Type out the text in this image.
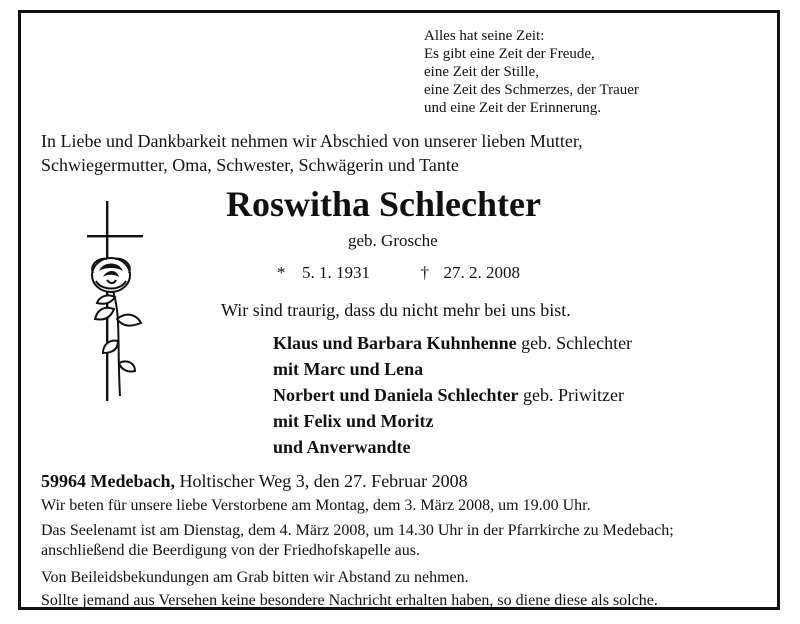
Alles hat seine Zeit:
Es gibt eine Zeit der Freude,
eine Zeit der Stille,
eine Zeit des Schmerzes, der Trauer
und eine Zeit der Erinnerung.
In Liebe und Dankbarkeit nehmen wir Abschied von unserer lieben Mutter,
Schwiegermutter, Oma, Schwester, Schwägerin und Tante
Roswitha Schlechter
geb. Grosche
* 5. 1. 1931	† 27. 2. 2008
Wir sind traurig, dass du nicht mehr bei uns bist.
Klaus und Barbara Kuhnhenne geb. Schlechter
mit Marc und Lena
Norbert und Daniela Schlechter geb. Priwitzer
mit Felix und Moritz
und Anverwandte
59964 Medebach, Holtischer Weg 3, den 27. Februar 2008
Wir beten für unsere liebe Verstorbene am Montag, dem 3. März 2008, um 19.00 Uhr.
Das Seelenamt ist am Dienstag, dem 4. März 2008, um 14.30 Uhr in der Pfarrkirche zu Medebach;
anschließend die Beerdigung von der Friedhofskapelle aus.
Von Beileidsbekundungen am Grab bitten wir Abstand zu nehmen.
Sollte jemand aus Versehen keine besondere Nachricht erhalten haben, so diene diese als solche.
